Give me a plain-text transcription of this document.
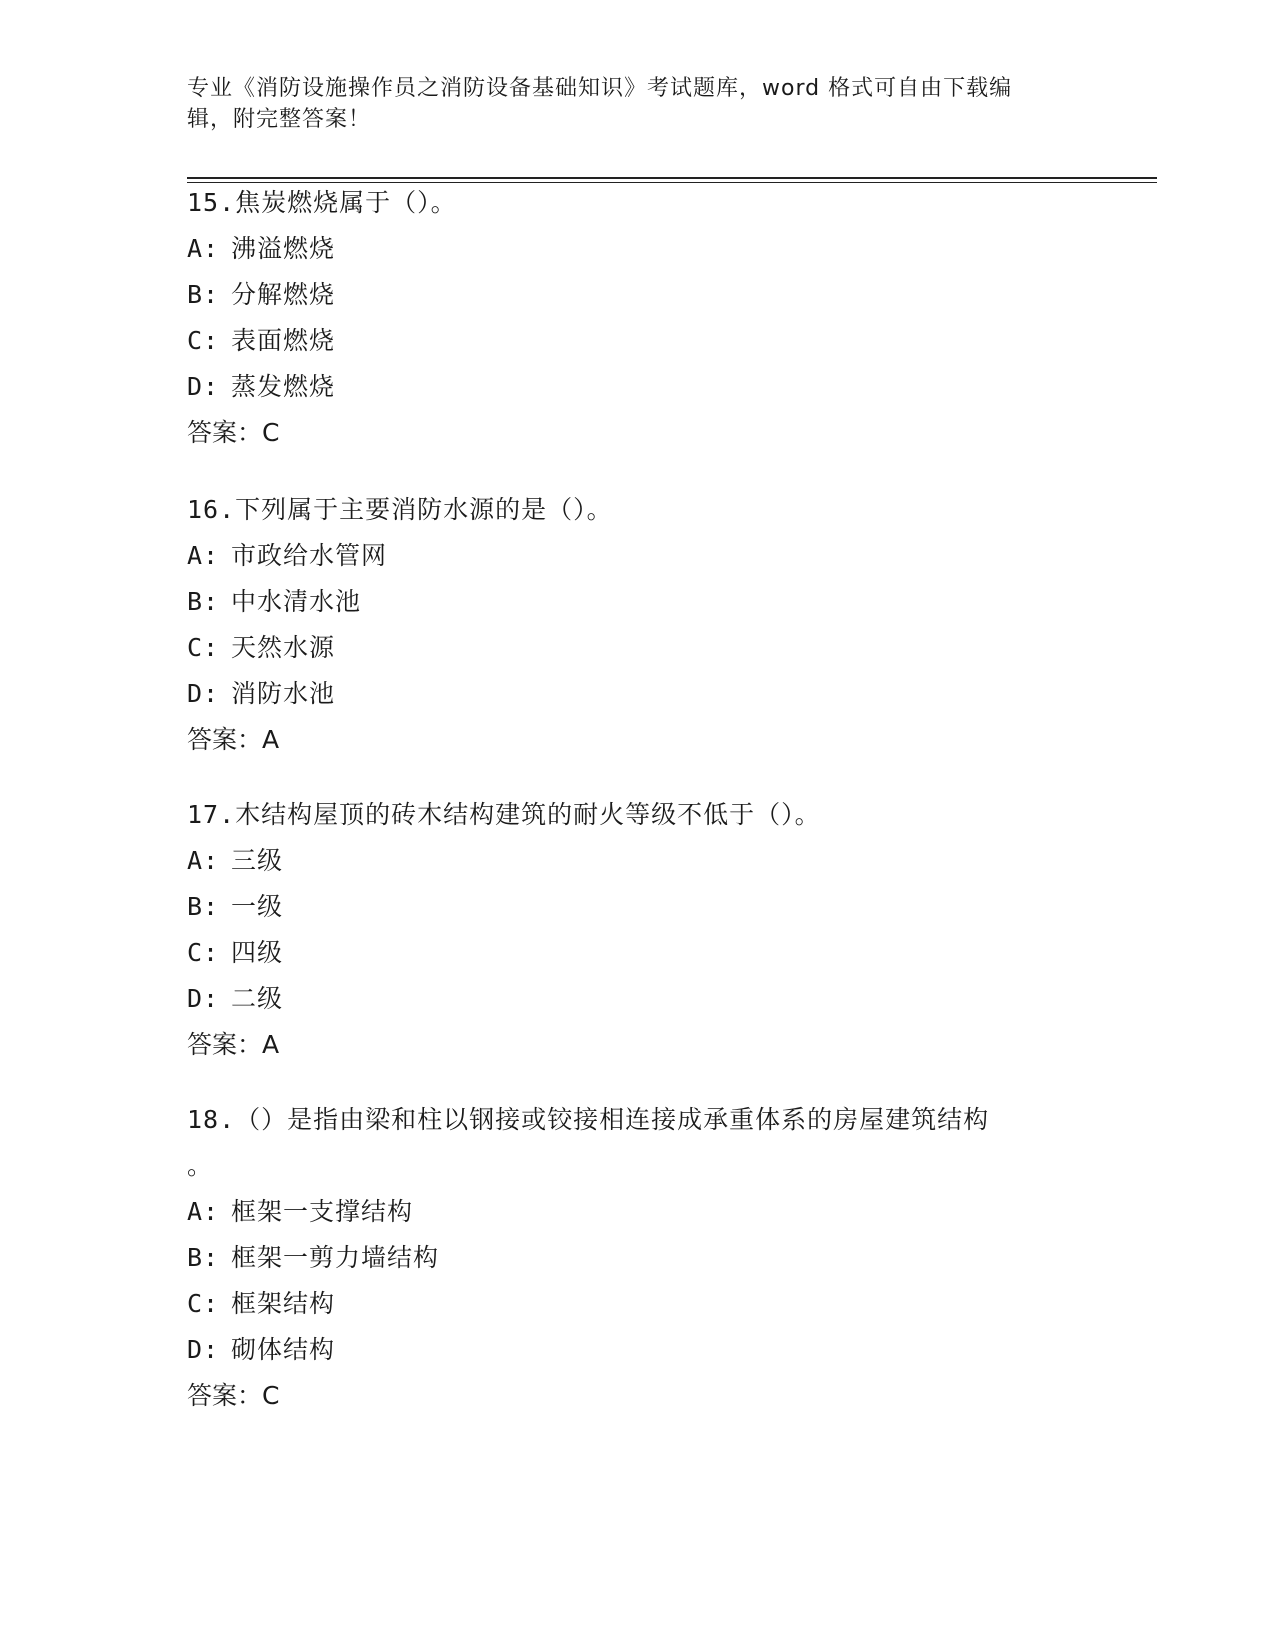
专业《消防设施操作员之消防设备基础知识》考试题库，word 格式可自由下载编
辑，附完整答案！
15.焦炭燃烧属于（）。
A: 沸溢燃烧
B: 分解燃烧
C: 表面燃烧
D: 蒸发燃烧
答案：C
16.下列属于主要消防水源的是（）。
A: 市政给水管网
B: 中水清水池
C: 天然水源
D: 消防水池
答案：A
17.木结构屋顶的砖木结构建筑的耐火等级不低于（）。
A: 三级
B: 一级
C: 四级
D: 二级
答案：A
18.（）是指由梁和柱以钢接或铰接相连接成承重体系的房屋建筑结构
。
A: 框架一支撑结构
B: 框架一剪力墙结构
C: 框架结构
D: 砌体结构
答案：C
